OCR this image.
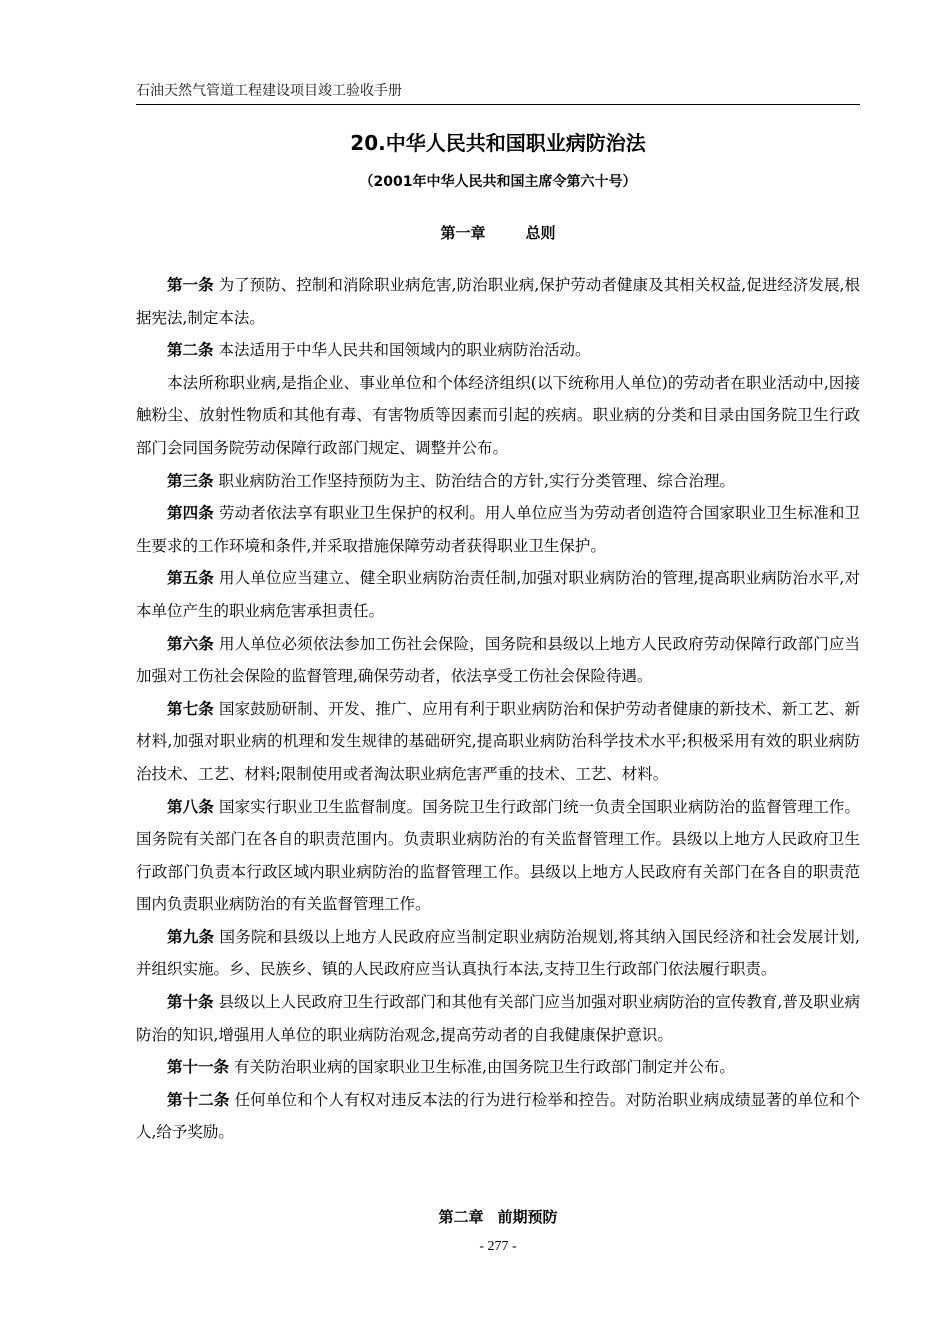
石油天然气管道工程建设项目竣工验收手册
20.中华人民共和国职业病防治法
（2001年中华人民共和国主席令第六十号）
第一章	总则

第一条 为了预防、控制和消除职业病危害,防治职业病,保护劳动者健康及其相关权益,促进经济发展,根据宪法,制定本法。

第二条 本法适用于中华人民共和国领域内的职业病防治活动。

本法所称职业病,是指企业、事业单位和个体经济组织(以下统称用人单位)的劳动者在职业活动中,因接触粉尘、放射性物质和其他有毒、有害物质等因素而引起的疾病。职业病的分类和目录由国务院卫生行政部门会同国务院劳动保障行政部门规定、调整并公布。

第三条 职业病防治工作坚持预防为主、防治结合的方针,实行分类管理、综合治理。

第四条 劳动者依法享有职业卫生保护的权利。用人单位应当为劳动者创造符合国家职业卫生标准和卫生要求的工作环境和条件,并采取措施保障劳动者获得职业卫生保护。

第五条 用人单位应当建立、健全职业病防治责任制,加强对职业病防治的管理,提高职业病防治水平,对本单位产生的职业病危害承担责任。

第六条 用人单位必须依法参加工伤社会保险，国务院和县级以上地方人民政府劳动保障行政部门应当加强对工伤社会保险的监督管理,确保劳动者，依法享受工伤社会保险待遇。

第七条 国家鼓励研制、开发、推广、应用有利于职业病防治和保护劳动者健康的新技术、新工艺、新材料,加强对职业病的机理和发生规律的基础研究,提高职业病防治科学技术水平;积极采用有效的职业病防治技术、工艺、材料;限制使用或者淘汰职业病危害严重的技术、工艺、材料。

第八条 国家实行职业卫生监督制度。国务院卫生行政部门统一负责全国职业病防治的监督管理工作。国务院有关部门在各自的职责范围内。负责职业病防治的有关监督管理工作。县级以上地方人民政府卫生行政部门负责本行政区域内职业病防治的监督管理工作。县级以上地方人民政府有关部门在各自的职责范围内负责职业病防治的有关监督管理工作。

第九条 国务院和县级以上地方人民政府应当制定职业病防治规划,将其纳入国民经济和社会发展计划,并组织实施。乡、民族乡、镇的人民政府应当认真执行本法,支持卫生行政部门依法履行职责。

第十条 县级以上人民政府卫生行政部门和其他有关部门应当加强对职业病防治的宣传教育,普及职业病防治的知识,增强用人单位的职业病防治观念,提高劳动者的自我健康保护意识。

第十一条 有关防治职业病的国家职业卫生标准,由国务院卫生行政部门制定并公布。

第十二条 任何单位和个人有权对违反本法的行为进行检举和控告。对防治职业病成绩显著的单位和个人,给予奖励。

第二章 前期预防
- 277 -
